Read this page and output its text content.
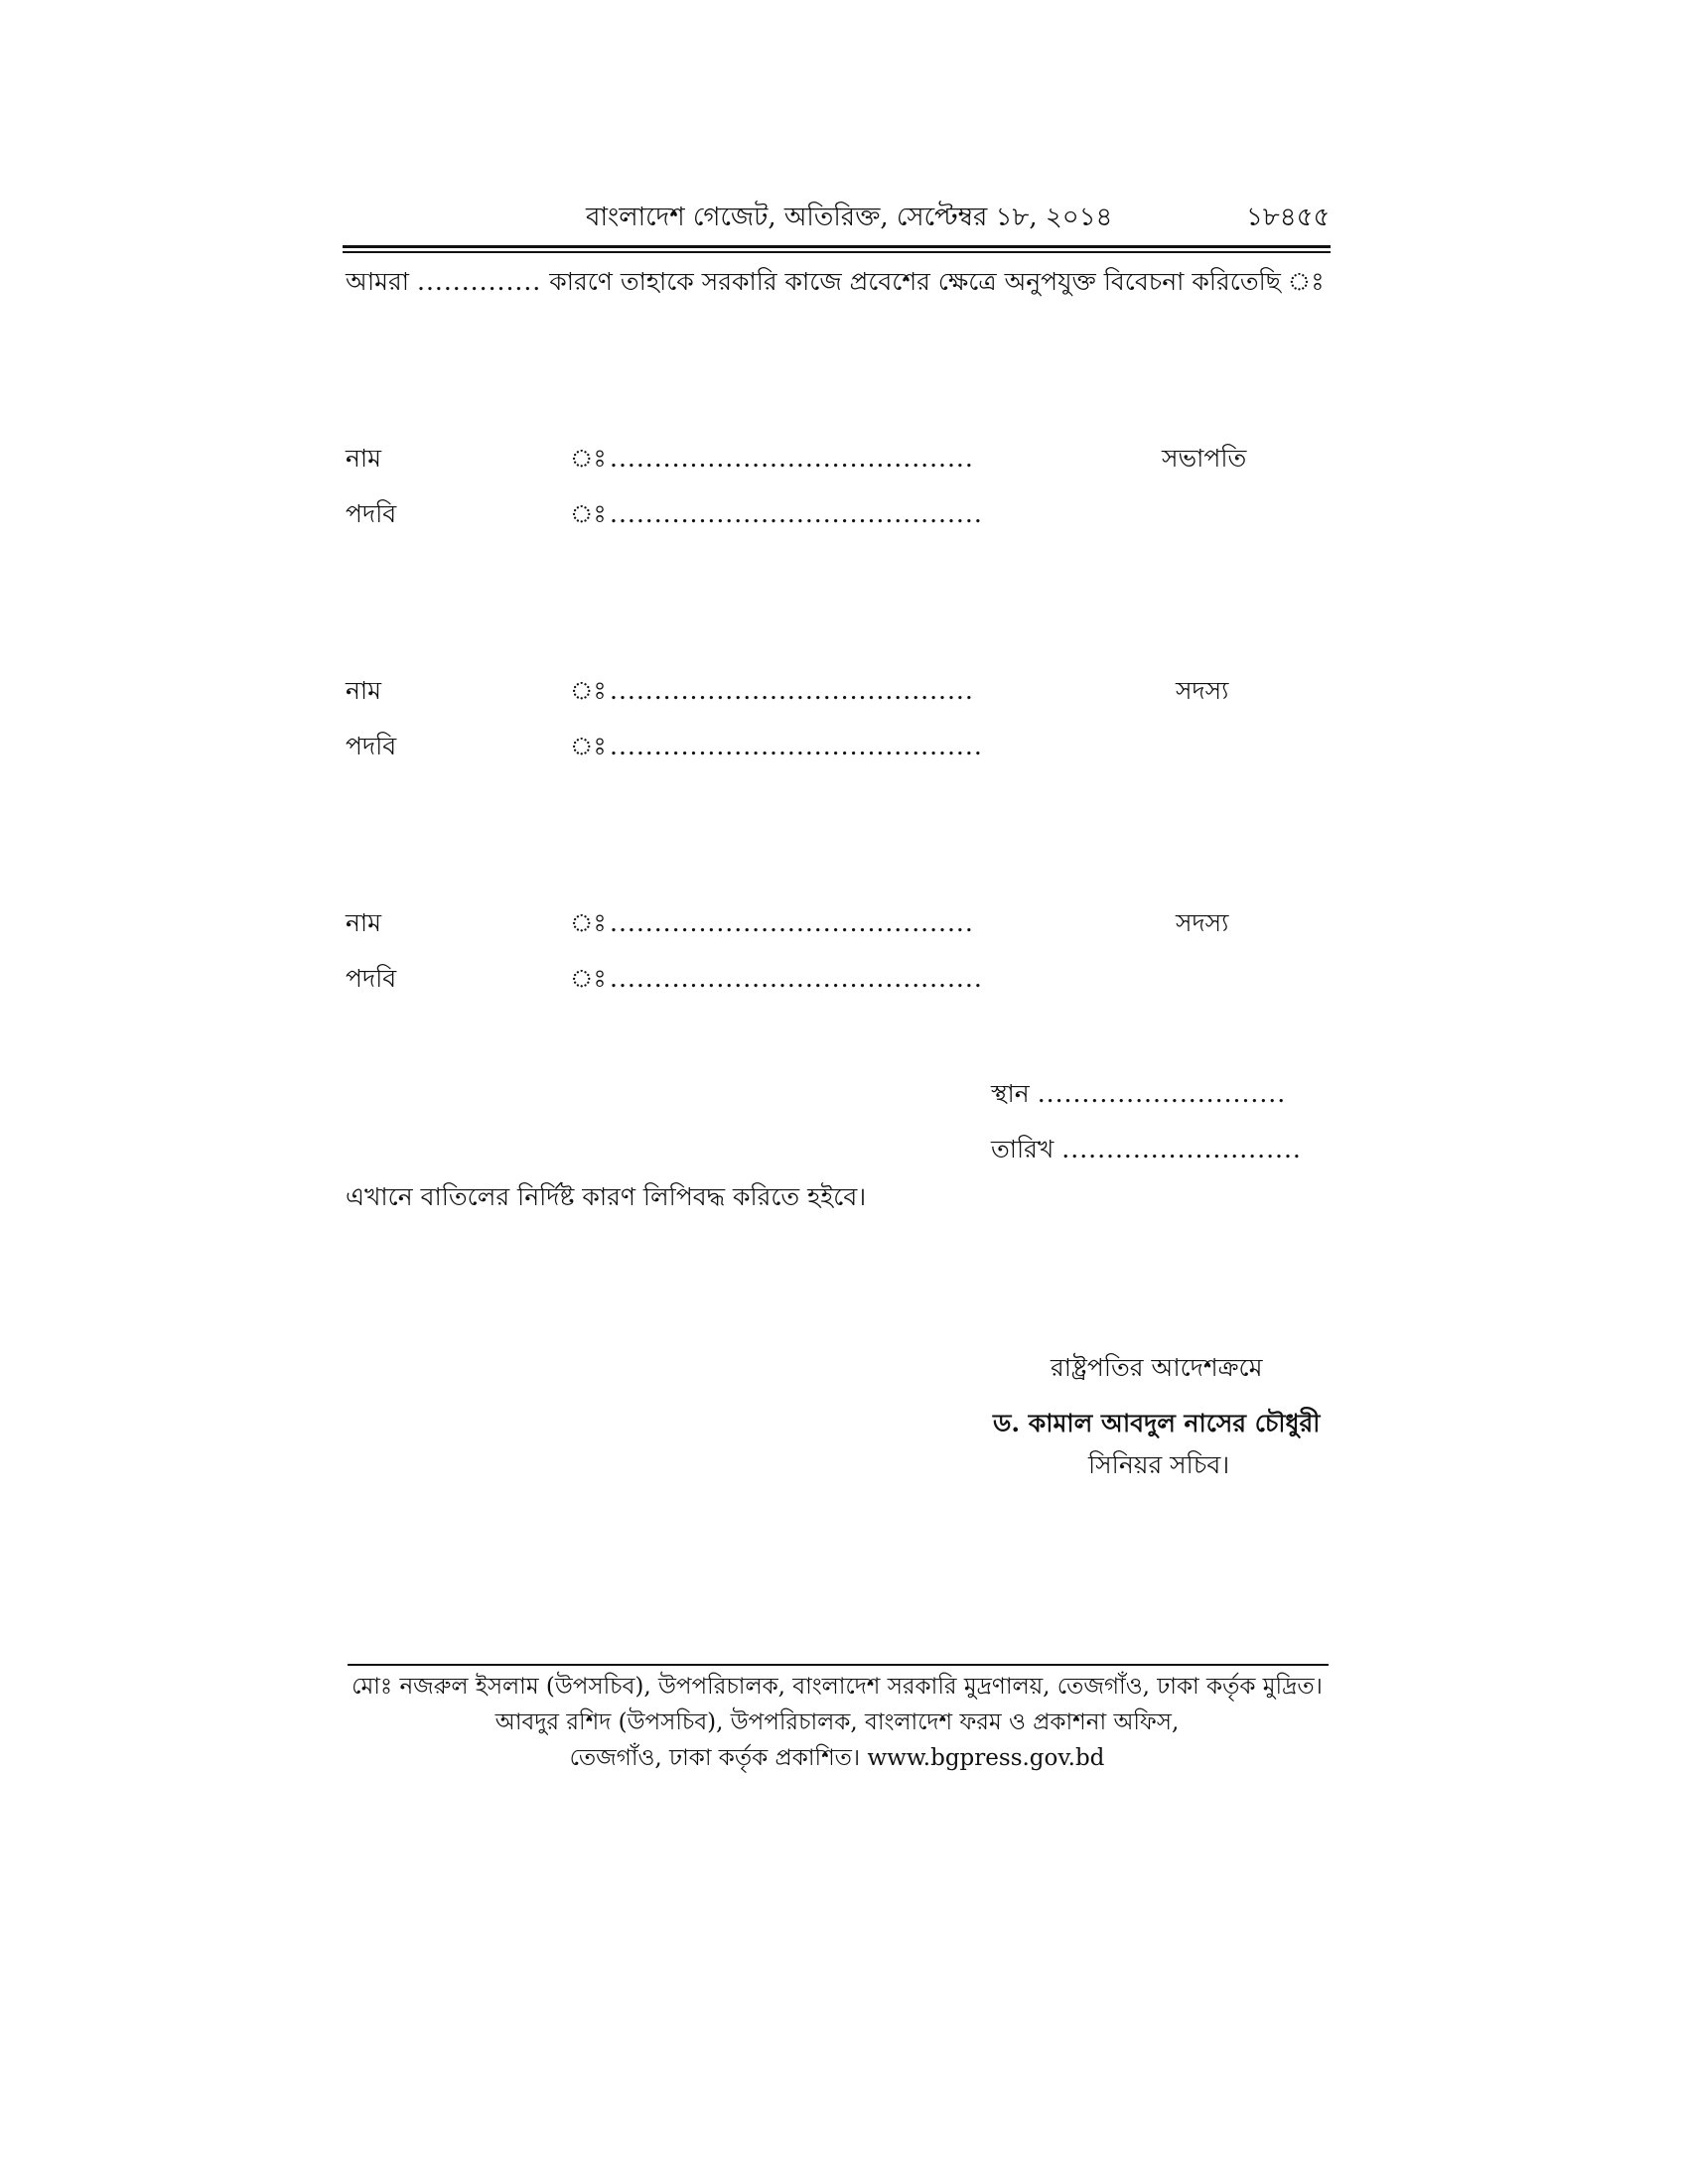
বাংলাদেশ গেজেট, অতিরিক্ত, সেপ্টেম্বর ১৮, ২০১৪	১৮৪৫৫
আমরা .............. কারণে তাহাকে সরকারি কাজে প্রবেশের ক্ষেত্রে অনুপযুক্ত বিবেচনা করিতেছি ঃ
নাম	ঃ .........................................	সভাপতি
পদবি	ঃ ..........................................
নাম	ঃ .........................................	সদস্য
পদবি	ঃ ..........................................
নাম	ঃ .........................................	সদস্য
পদবি	ঃ ..........................................
স্থান ............................
তারিখ ...........................
এখানে বাতিলের নির্দিষ্ট কারণ লিপিবদ্ধ করিতে হইবে।
রাষ্ট্রপতির আদেশক্রমে
ড. কামাল আবদুল নাসের চৌধুরী
সিনিয়র সচিব।
মোঃ নজরুল ইসলাম (উপসচিব), উপপরিচালক, বাংলাদেশ সরকারি মুদ্রণালয়, তেজগাঁও, ঢাকা কর্তৃক মুদ্রিত।
আবদুর রশিদ (উপসচিব), উপপরিচালক, বাংলাদেশ ফরম ও প্রকাশনা অফিস,
তেজগাঁও, ঢাকা কর্তৃক প্রকাশিত। www.bgpress.gov.bd
